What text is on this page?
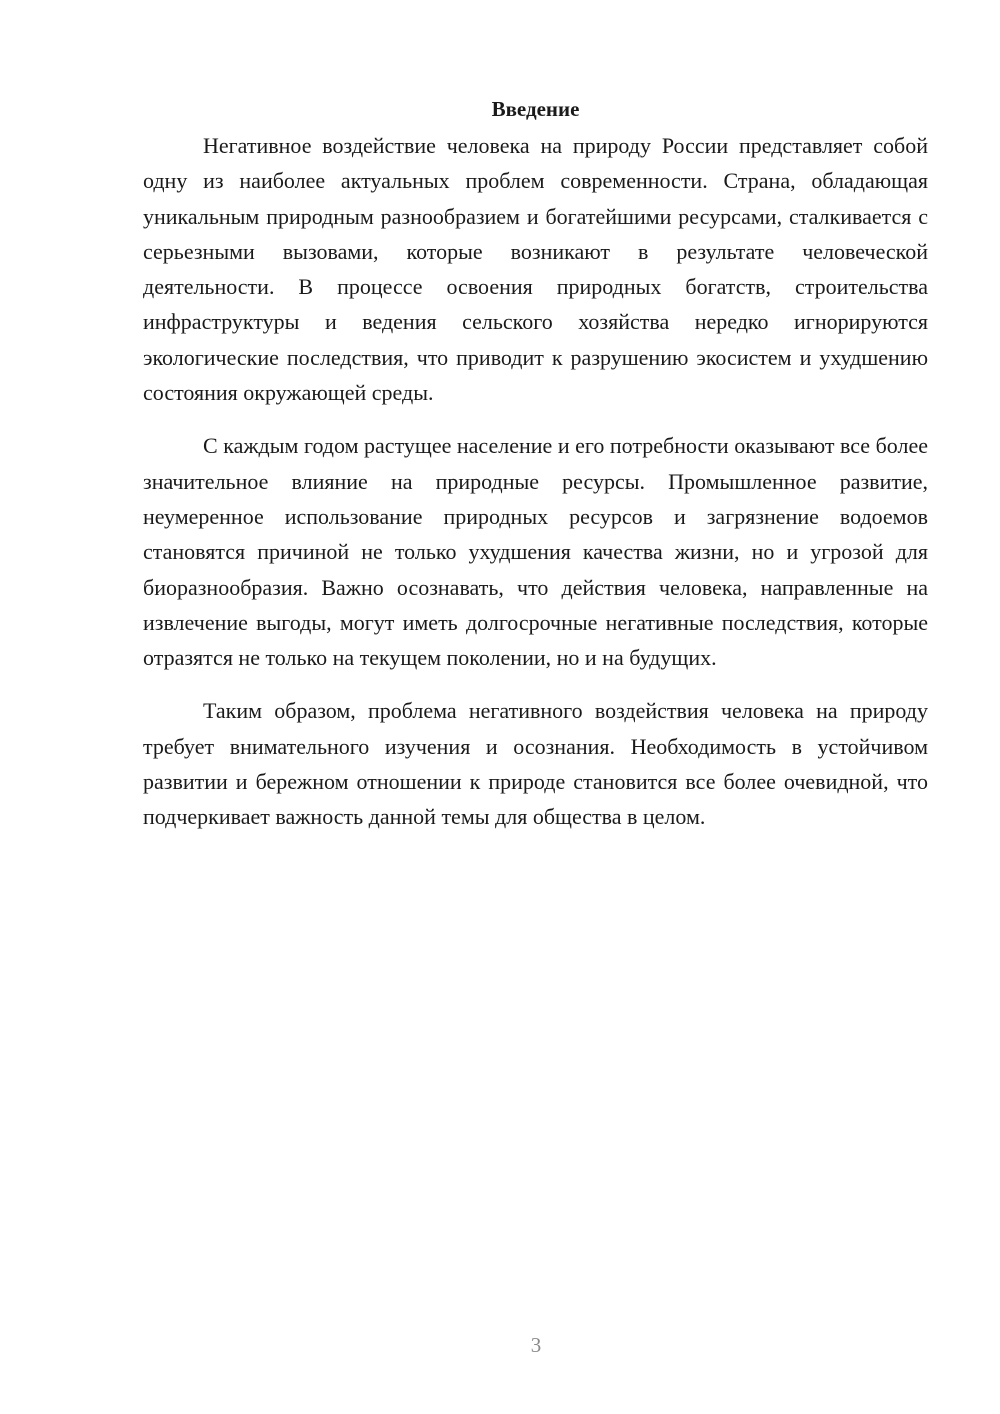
Введение

Негативное воздействие человека на природу России представляет собой одну из наиболее актуальных проблем современности. Страна, обладающая уникальным природным разнообразием и богатейшими ресурсами, сталкивается с серьезными вызовами, которые возникают в результате человеческой деятельности. В процессе освоения природных богатств, строительства инфраструктуры и ведения сельского хозяйства нередко игнорируются экологические последствия, что приводит к разрушению экосистем и ухудшению состояния окружающей среды.

С каждым годом растущее население и его потребности оказывают все более значительное влияние на природные ресурсы. Промышленное развитие, неумеренное использование природных ресурсов и загрязнение водоемов становятся причиной не только ухудшения качества жизни, но и угрозой для биоразнообразия. Важно осознавать, что действия человека, направленные на извлечение выгоды, могут иметь долгосрочные негативные последствия, которые отразятся не только на текущем поколении, но и на будущих.

Таким образом, проблема негативного воздействия человека на природу требует внимательного изучения и осознания. Необходимость в устойчивом развитии и бережном отношении к природе становится все более очевидной, что подчеркивает важность данной темы для общества в целом.

3
